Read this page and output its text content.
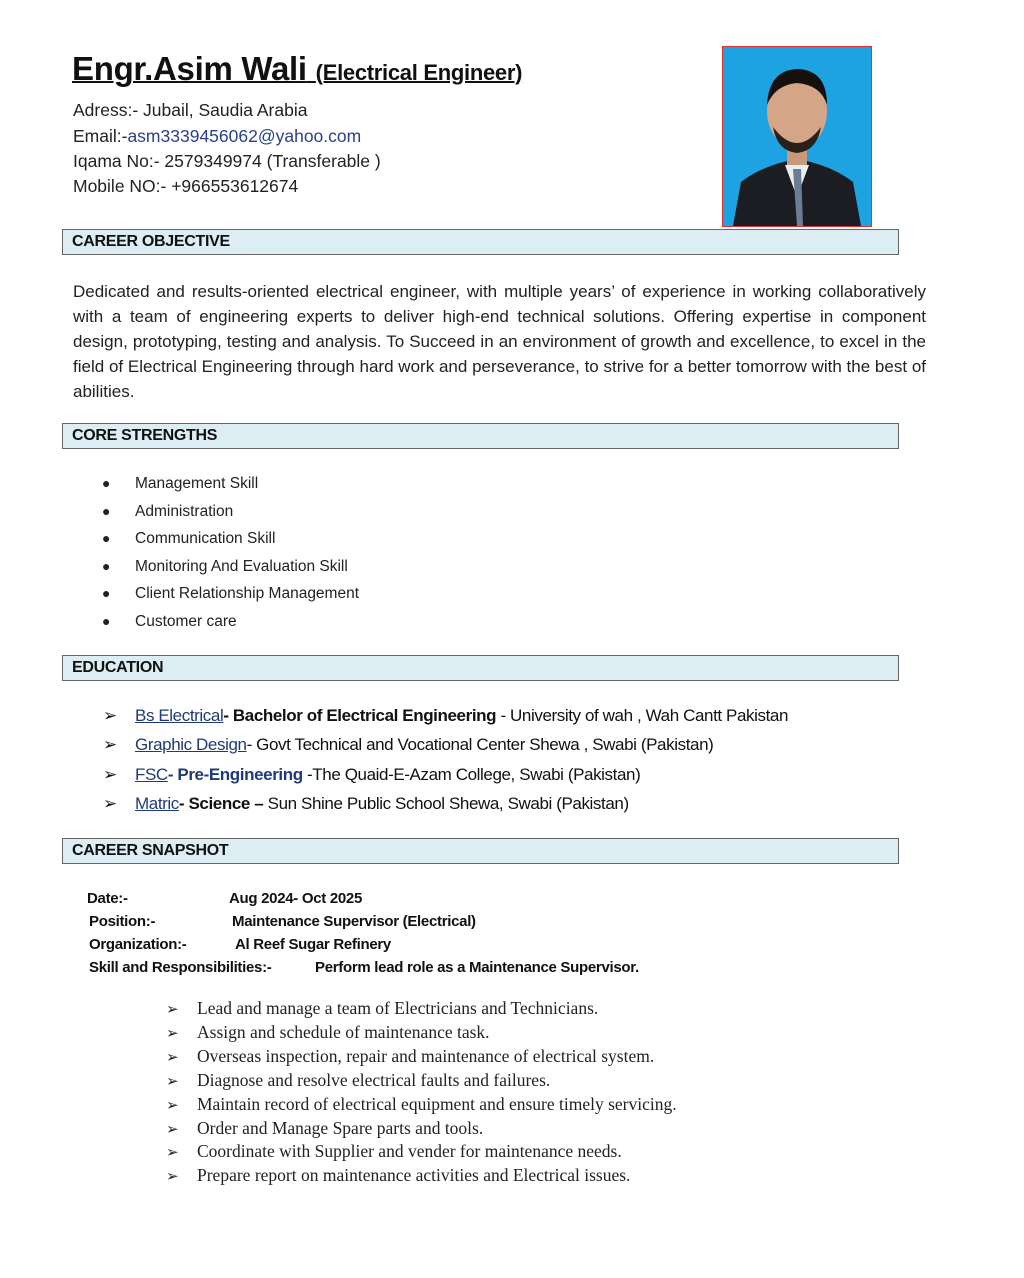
Engr.Asim Wali (Electrical Engineer)
Adress:- Jubail, Saudia Arabia
Email:-asm3339456062@yahoo.com
Iqama No:- 2579349974 (Transferable )
Mobile NO:- +966553612674
CAREER OBJECTIVE
Dedicated and results-oriented electrical engineer, with multiple years’ of experience in working collaboratively with a team of engineering experts to deliver high-end technical solutions. Offering expertise in component design, prototyping, testing and analysis. To Succeed in an environment of growth and excellence, to excel in the field of Electrical Engineering through hard work and perseverance, to strive for a better tomorrow with the best of abilities.
CORE STRENGTHS
EDUCATION
CAREER SNAPSHOT
Date:-	Aug 2024- Oct 2025
Position:-	Maintenance Supervisor (Electrical)
Organization:-	Al Reef Sugar Refinery
Skill and Responsibilities:-	Perform lead role as a Maintenance Supervisor.
● Management Skill
● Administration
● Communication Skill
● Monitoring And Evaluation Skill
● Client Relationship Management
● Customer care
➢ Bs Electrical- Bachelor of Electrical Engineering - University of wah , Wah Cantt Pakistan
➢ Graphic Design- Govt Technical and Vocational Center Shewa , Swabi (Pakistan)
➢ FSC- Pre-Engineering -The Quaid-E-Azam College, Swabi (Pakistan)
➢ Matric- Science – Sun Shine Public School Shewa, Swabi (Pakistan)
➢ Lead and manage a team of Electricians and Technicians.
➢ Assign and schedule of maintenance task.
➢ Overseas inspection, repair and maintenance of electrical system.
➢ Diagnose and resolve electrical faults and failures.
➢ Maintain record of electrical equipment and ensure timely servicing.
➢ Order and Manage Spare parts and tools.
➢ Coordinate with Supplier and vender for maintenance needs.
➢ Prepare report on maintenance activities and Electrical issues.
